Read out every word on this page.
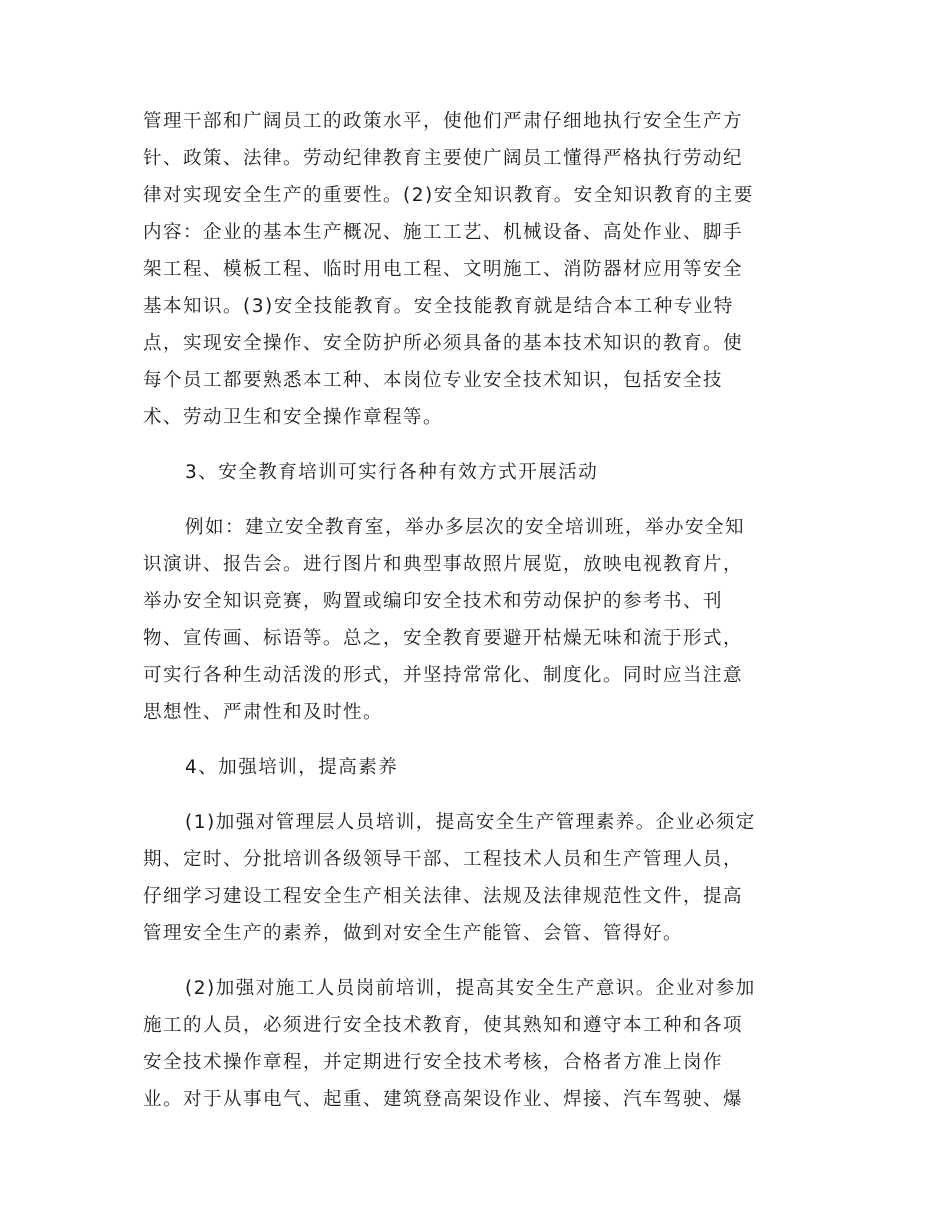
管理干部和广阔员工的政策水平，使他们严肃仔细地执行安全生产方
针、政策、法律。劳动纪律教育主要使广阔员工懂得严格执行劳动纪
律对实现安全生产的重要性。(2)安全知识教育。安全知识教育的主要
内容：企业的基本生产概况、施工工艺、机械设备、高处作业、脚手
架工程、模板工程、临时用电工程、文明施工、消防器材应用等安全
基本知识。(3)安全技能教育。安全技能教育就是结合本工种专业特
点，实现安全操作、安全防护所必须具备的基本技术知识的教育。使
每个员工都要熟悉本工种、本岗位专业安全技术知识，包括安全技
术、劳动卫生和安全操作章程等。

3、安全教育培训可实行各种有效方式开展活动

例如：建立安全教育室，举办多层次的安全培训班，举办安全知
识演讲、报告会。进行图片和典型事故照片展览，放映电视教育片，
举办安全知识竞赛，购置或编印安全技术和劳动保护的参考书、刊
物、宣传画、标语等。总之，安全教育要避开枯燥无味和流于形式，
可实行各种生动活泼的形式，并坚持常常化、制度化。同时应当注意
思想性、严肃性和及时性。

4、加强培训，提高素养

(1)加强对管理层人员培训，提高安全生产管理素养。企业必须定
期、定时、分批培训各级领导干部、工程技术人员和生产管理人员，
仔细学习建设工程安全生产相关法律、法规及法律规范性文件，提高
管理安全生产的素养，做到对安全生产能管、会管、管得好。

(2)加强对施工人员岗前培训，提高其安全生产意识。企业对参加
施工的人员，必须进行安全技术教育，使其熟知和遵守本工种和各项
安全技术操作章程，并定期进行安全技术考核，合格者方准上岗作
业。对于从事电气、起重、建筑登高架设作业、焊接、汽车驾驶、爆
